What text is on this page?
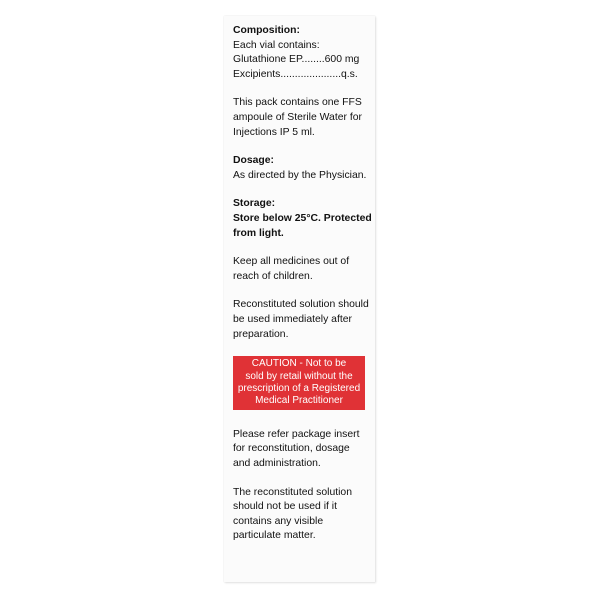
Composition:
Each vial contains:
Glutathione EP........ 600 mg
Excipients..................... q.s.
This pack contains one FFS
ampoule of Sterile Water for
Injections IP 5 ml.
Dosage:
As directed by the Physician.
Storage:
Store below 25°C. Protected
from light.
Keep all medicines out of
reach of children.
Reconstituted solution should
be used immediately after
preparation.
CAUTION - Not to be
sold by retail without the
prescription of a Registered
Medical Practitioner
Please refer package insert
for reconstitution, dosage
and administration.
The reconstituted solution
should not be used if it
contains any visible
particulate matter.
